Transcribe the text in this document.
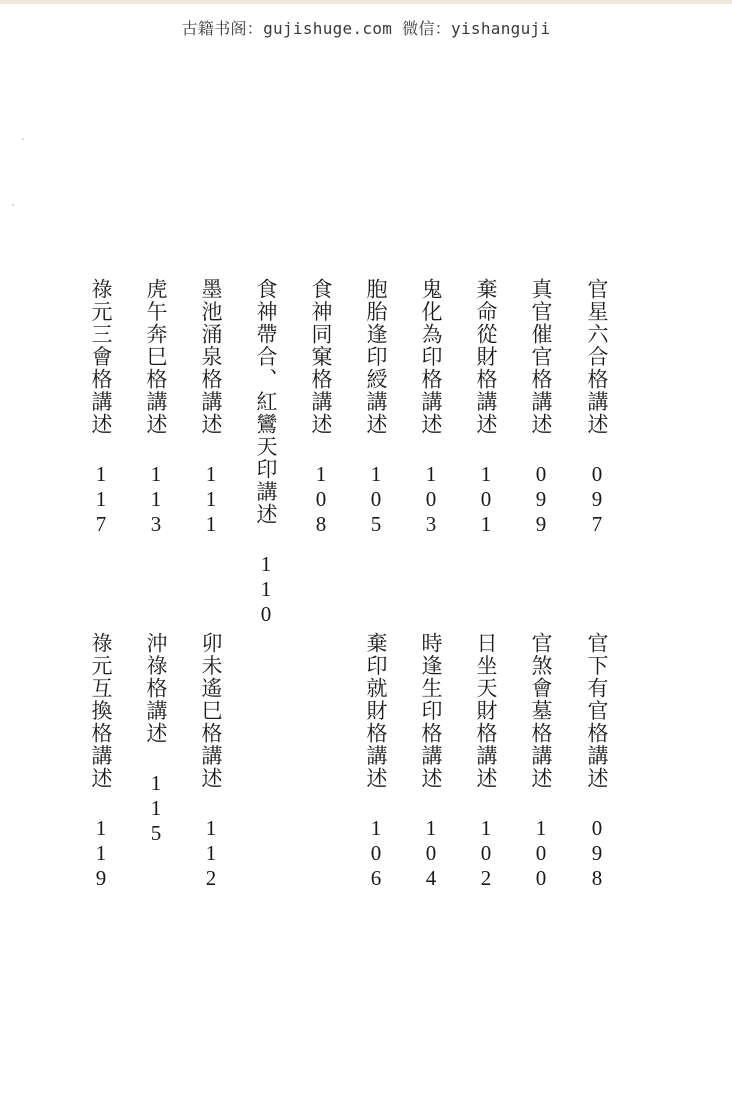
古籍书阁：gujishuge.com 微信：yishanguji
官星六合格講述
097
真官催官格講述
099
棄命從財格講述
101
鬼化為印格講述
103
胞胎逢印綬講述
105
食神同窠格講述
108
食神帶合、紅鸞天印講述
110
墨池涌泉格講述
111
虎午奔巳格講述
113
祿元三會格講述
117
官下有官格講述
098
官煞會墓格講述
100
日坐天財格講述
102
時逢生印格講述
104
棄印就財格講述
106
卯未遙巳格講述
112
沖祿格講述
115
祿元互換格講述
119
